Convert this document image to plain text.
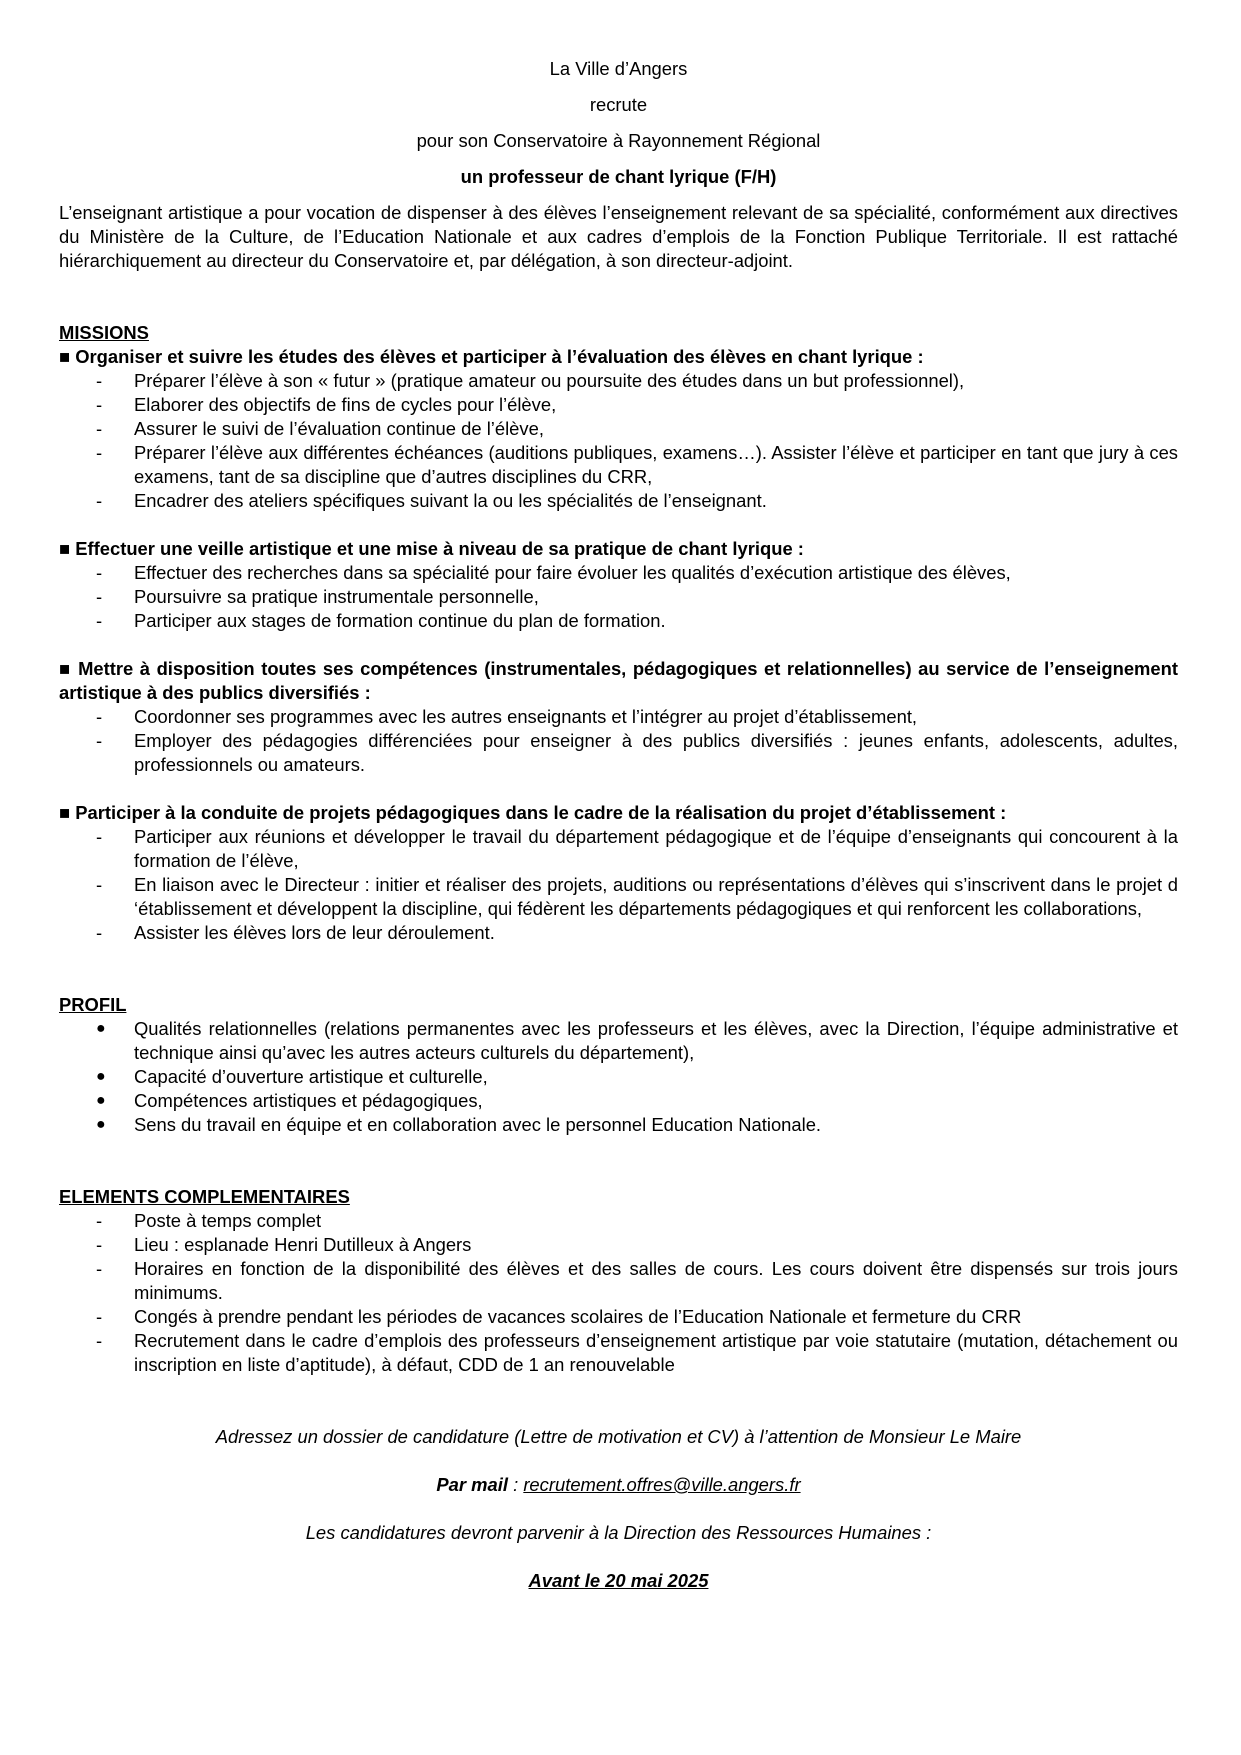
La Ville d’Angers

recrute

pour son Conservatoire à Rayonnement Régional

un professeur de chant lyrique (F/H)

L’enseignant artistique a pour vocation de dispenser à des élèves l’enseignement relevant de sa spécialité, conformément aux directives du Ministère de la Culture, de l’Education Nationale et aux cadres d’emplois de la Fonction Publique Territoriale. Il est rattaché hiérarchiquement au directeur du Conservatoire et, par délégation, à son directeur-adjoint.

MISSIONS

■ Organiser et suivre les études des élèves et participer à l’évaluation des élèves en chant lyrique :

- Préparer l’élève à son « futur » (pratique amateur ou poursuite des études dans un but professionnel),
- Elaborer des objectifs de fins de cycles pour l’élève,
- Assurer le suivi de l’évaluation continue de l’élève,
- Préparer l’élève aux différentes échéances (auditions publiques, examens…). Assister l’élève et participer en tant que jury à ces examens, tant de sa discipline que d’autres disciplines du CRR,
- Encadrer des ateliers spécifiques suivant la ou les spécialités de l’enseignant.

■ Effectuer une veille artistique et une mise à niveau de sa pratique de chant lyrique :

- Effectuer des recherches dans sa spécialité pour faire évoluer les qualités d’exécution artistique des élèves,
- Poursuivre sa pratique instrumentale personnelle,
- Participer aux stages de formation continue du plan de formation.

■ Mettre à disposition toutes ses compétences (instrumentales, pédagogiques et relationnelles) au service de l’enseignement artistique à des publics diversifiés :

- Coordonner ses programmes avec les autres enseignants et l’intégrer au projet d’établissement,
- Employer des pédagogies différenciées pour enseigner à des publics diversifiés : jeunes enfants, adolescents, adultes, professionnels ou amateurs.

■ Participer à la conduite de projets pédagogiques dans le cadre de la réalisation du projet d’établissement :

- Participer aux réunions et développer le travail du département pédagogique et de l’équipe d’enseignants qui concourent à la formation de l’élève,
- En liaison avec le Directeur : initier et réaliser des projets, auditions ou représentations d’élèves qui s’inscrivent dans le projet d ‘établissement et développent la discipline, qui fédèrent les départements pédagogiques et qui renforcent les collaborations,
- Assister les élèves lors de leur déroulement.

PROFIL

● Qualités relationnelles (relations permanentes avec les professeurs et les élèves, avec la Direction, l’équipe administrative et technique ainsi qu’avec les autres acteurs culturels du département),
● Capacité d’ouverture artistique et culturelle,
● Compétences artistiques et pédagogiques,
● Sens du travail en équipe et en collaboration avec le personnel Education Nationale.

ELEMENTS COMPLEMENTAIRES

- Poste à temps complet
- Lieu : esplanade Henri Dutilleux à Angers
- Horaires en fonction de la disponibilité des élèves et des salles de cours. Les cours doivent être dispensés sur trois jours minimums.
- Congés à prendre pendant les périodes de vacances scolaires de l’Education Nationale et fermeture du CRR
- Recrutement dans le cadre d’emplois des professeurs d’enseignement artistique par voie statutaire (mutation, détachement ou inscription en liste d’aptitude), à défaut, CDD de 1 an renouvelable

Adressez un dossier de candidature (Lettre de motivation et CV) à l’attention de Monsieur Le Maire

Par mail : recrutement.offres@ville.angers.fr

Les candidatures devront parvenir à la Direction des Ressources Humaines :

Avant le 20 mai 2025
